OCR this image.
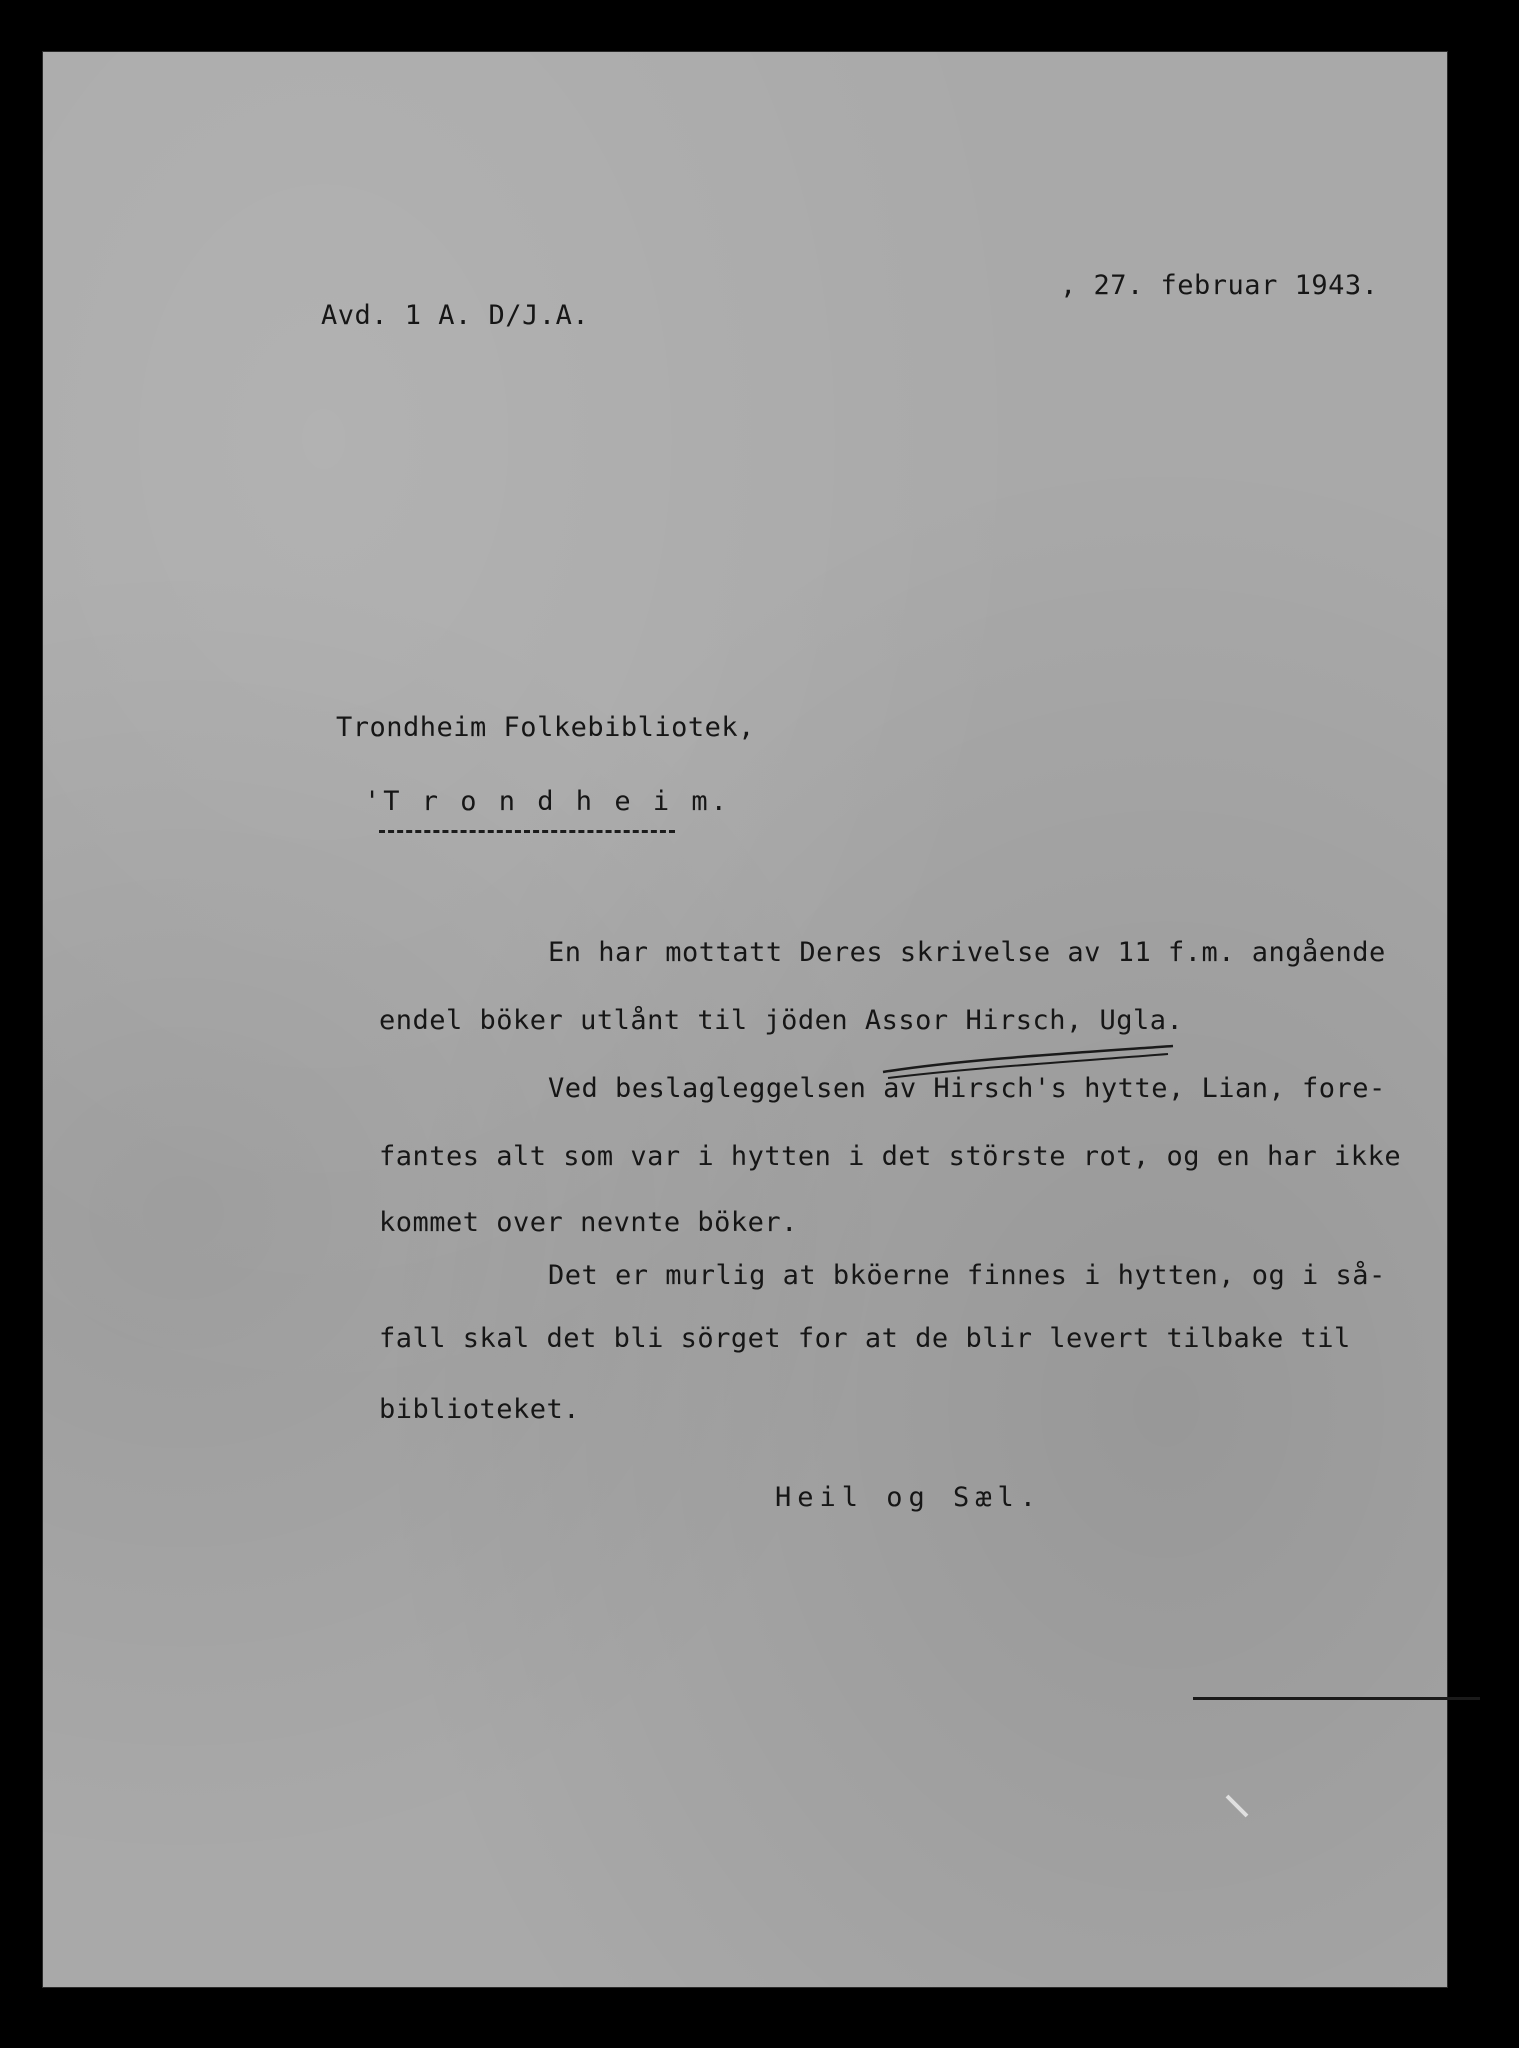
Avd. 1 A. D/J.A.
, 27. februar 1943.
Trondheim Folkebibliotek,
'T r o n d h e i m.
En har mottatt Deres skrivelse av 11 f.m. angående
endel böker utlånt til jöden Assor Hirsch, Ugla.
Ved beslagleggelsen av Hirsch's hytte, Lian, fore-
fantes alt som var i hytten i det störste rot, og en har ikke
kommet over nevnte böker.
Det er murlig at bköerne finnes i hytten, og i så-
fall skal det bli sörget for at de blir levert tilbake til
biblioteket.
Heil og Sæl.
